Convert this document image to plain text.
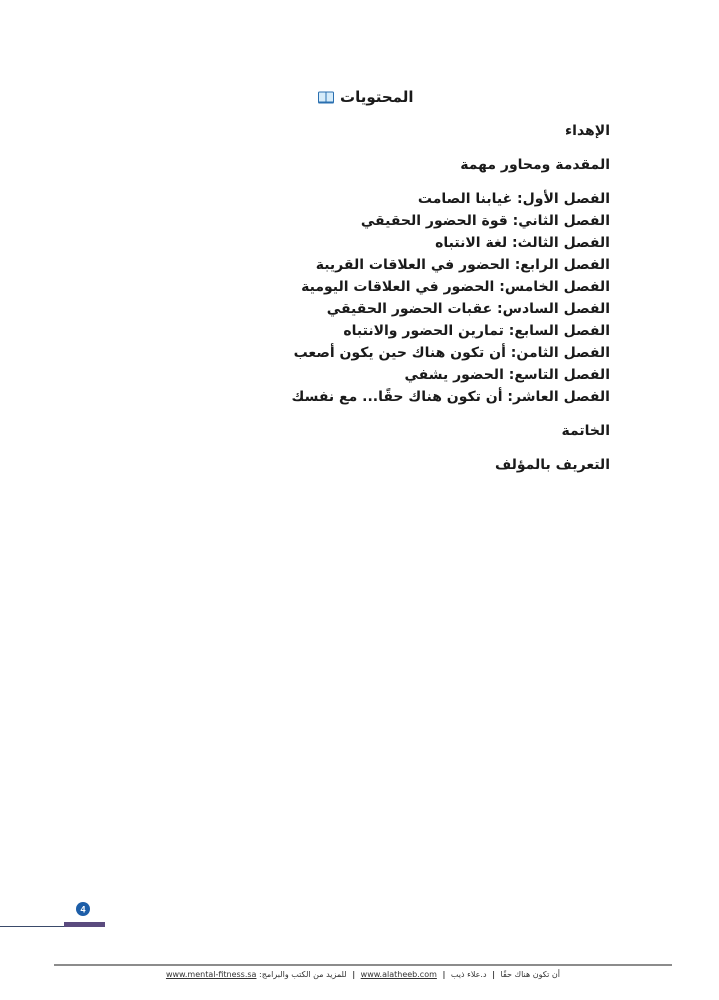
المحتويات
الإهداء
المقدمة ومحاور مهمة
الفصل الأول: غيابنا الصامت
الفصل الثاني: قوة الحضور الحقيقي
الفصل الثالث: لغة الانتباه
الفصل الرابع: الحضور في العلاقات القريبة
الفصل الخامس: الحضور في العلاقات اليومية
الفصل السادس: عقبات الحضور الحقيقي
الفصل السابع: تمارين الحضور والانتباه
الفصل الثامن: أن تكون هناك حين يكون أصعب
الفصل التاسع: الحضور يشفي
الفصل العاشر: أن تكون هناك حقًا... مع نفسك
الخاتمة
التعريف بالمؤلف
4
أن تكون هناك حقًا | د.علاء ذيب | www.alatheeb.com | للمزيد من الكتب والبرامج: www.mental-fitness.sa
